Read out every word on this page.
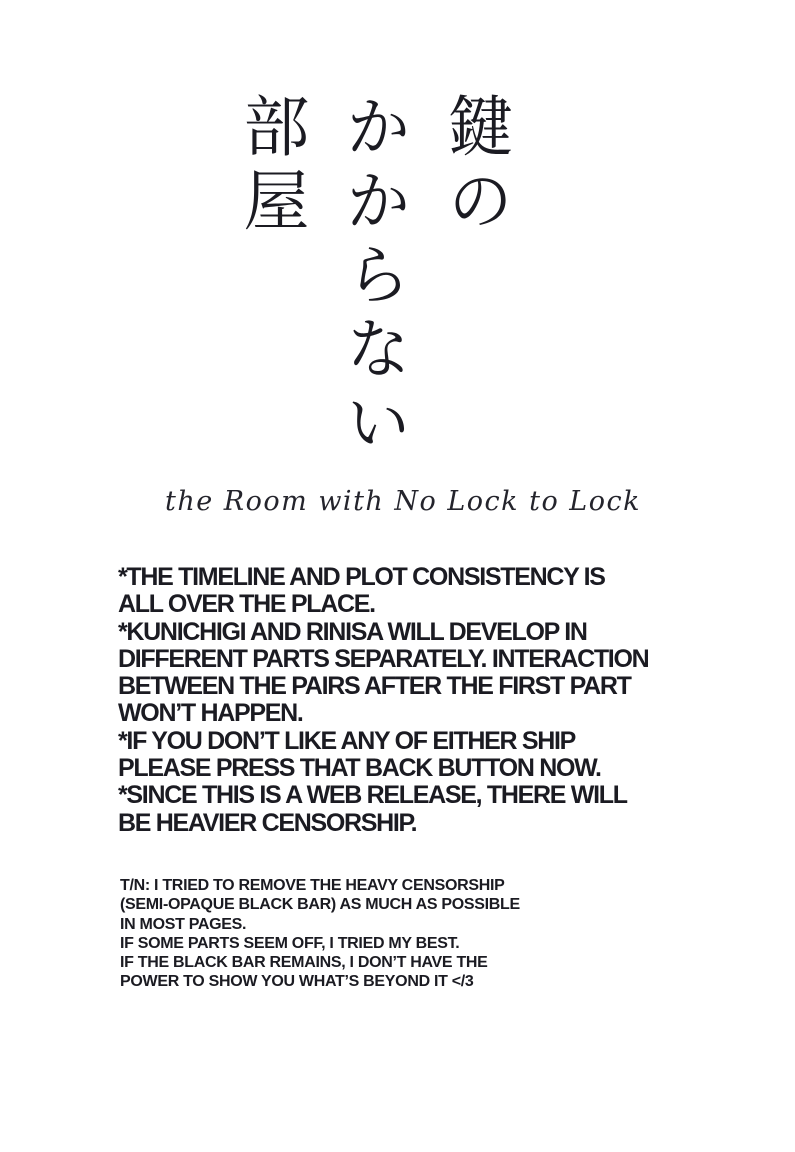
鍵の
かからない
部屋
the Room with No Lock to Lock
*THE TIMELINE AND PLOT CONSISTENCY IS
ALL OVER THE PLACE.
*KUNICHIGI AND RINISA WILL DEVELOP IN
DIFFERENT PARTS SEPARATELY. INTERACTION
BETWEEN THE PAIRS AFTER THE FIRST PART
WON’T HAPPEN.
*IF YOU DON’T LIKE ANY OF EITHER SHIP
PLEASE PRESS THAT BACK BUTTON NOW.
*SINCE THIS IS A WEB RELEASE, THERE WILL
BE HEAVIER CENSORSHIP.
T/N: I TRIED TO REMOVE THE HEAVY CENSORSHIP
(SEMI-OPAQUE BLACK BAR) AS MUCH AS POSSIBLE
IN MOST PAGES.
IF SOME PARTS SEEM OFF, I TRIED MY BEST.
IF THE BLACK BAR REMAINS, I DON’T HAVE THE
POWER TO SHOW YOU WHAT’S BEYOND IT </3
